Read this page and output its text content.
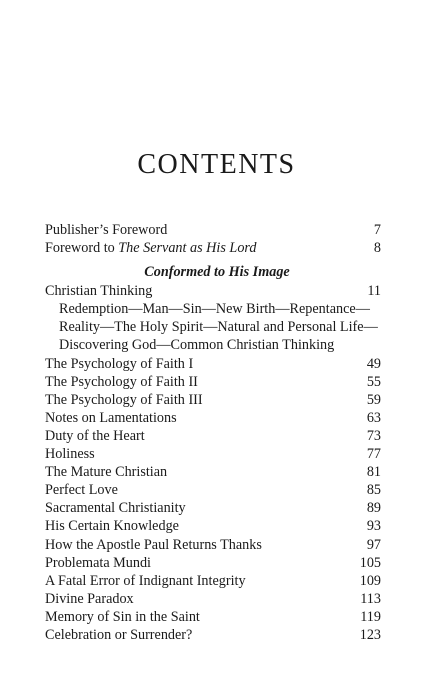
CONTENTS
Publisher’s Foreword	7
Foreword to The Servant as His Lord	8
Conformed to His Image
Christian Thinking	11
Redemption—Man—Sin—New Birth—Repentance—
Reality—The Holy Spirit—Natural and Personal Life—
Discovering God—Common Christian Thinking
The Psychology of Faith I	49
The Psychology of Faith II	55
The Psychology of Faith III	59
Notes on Lamentations	63
Duty of the Heart	73
Holiness	77
The Mature Christian	81
Perfect Love	85
Sacramental Christianity	89
His Certain Knowledge	93
How the Apostle Paul Returns Thanks	97
Problemata Mundi	105
A Fatal Error of Indignant Integrity	109
Divine Paradox	113
Memory of Sin in the Saint	119
Celebration or Surrender?	123
